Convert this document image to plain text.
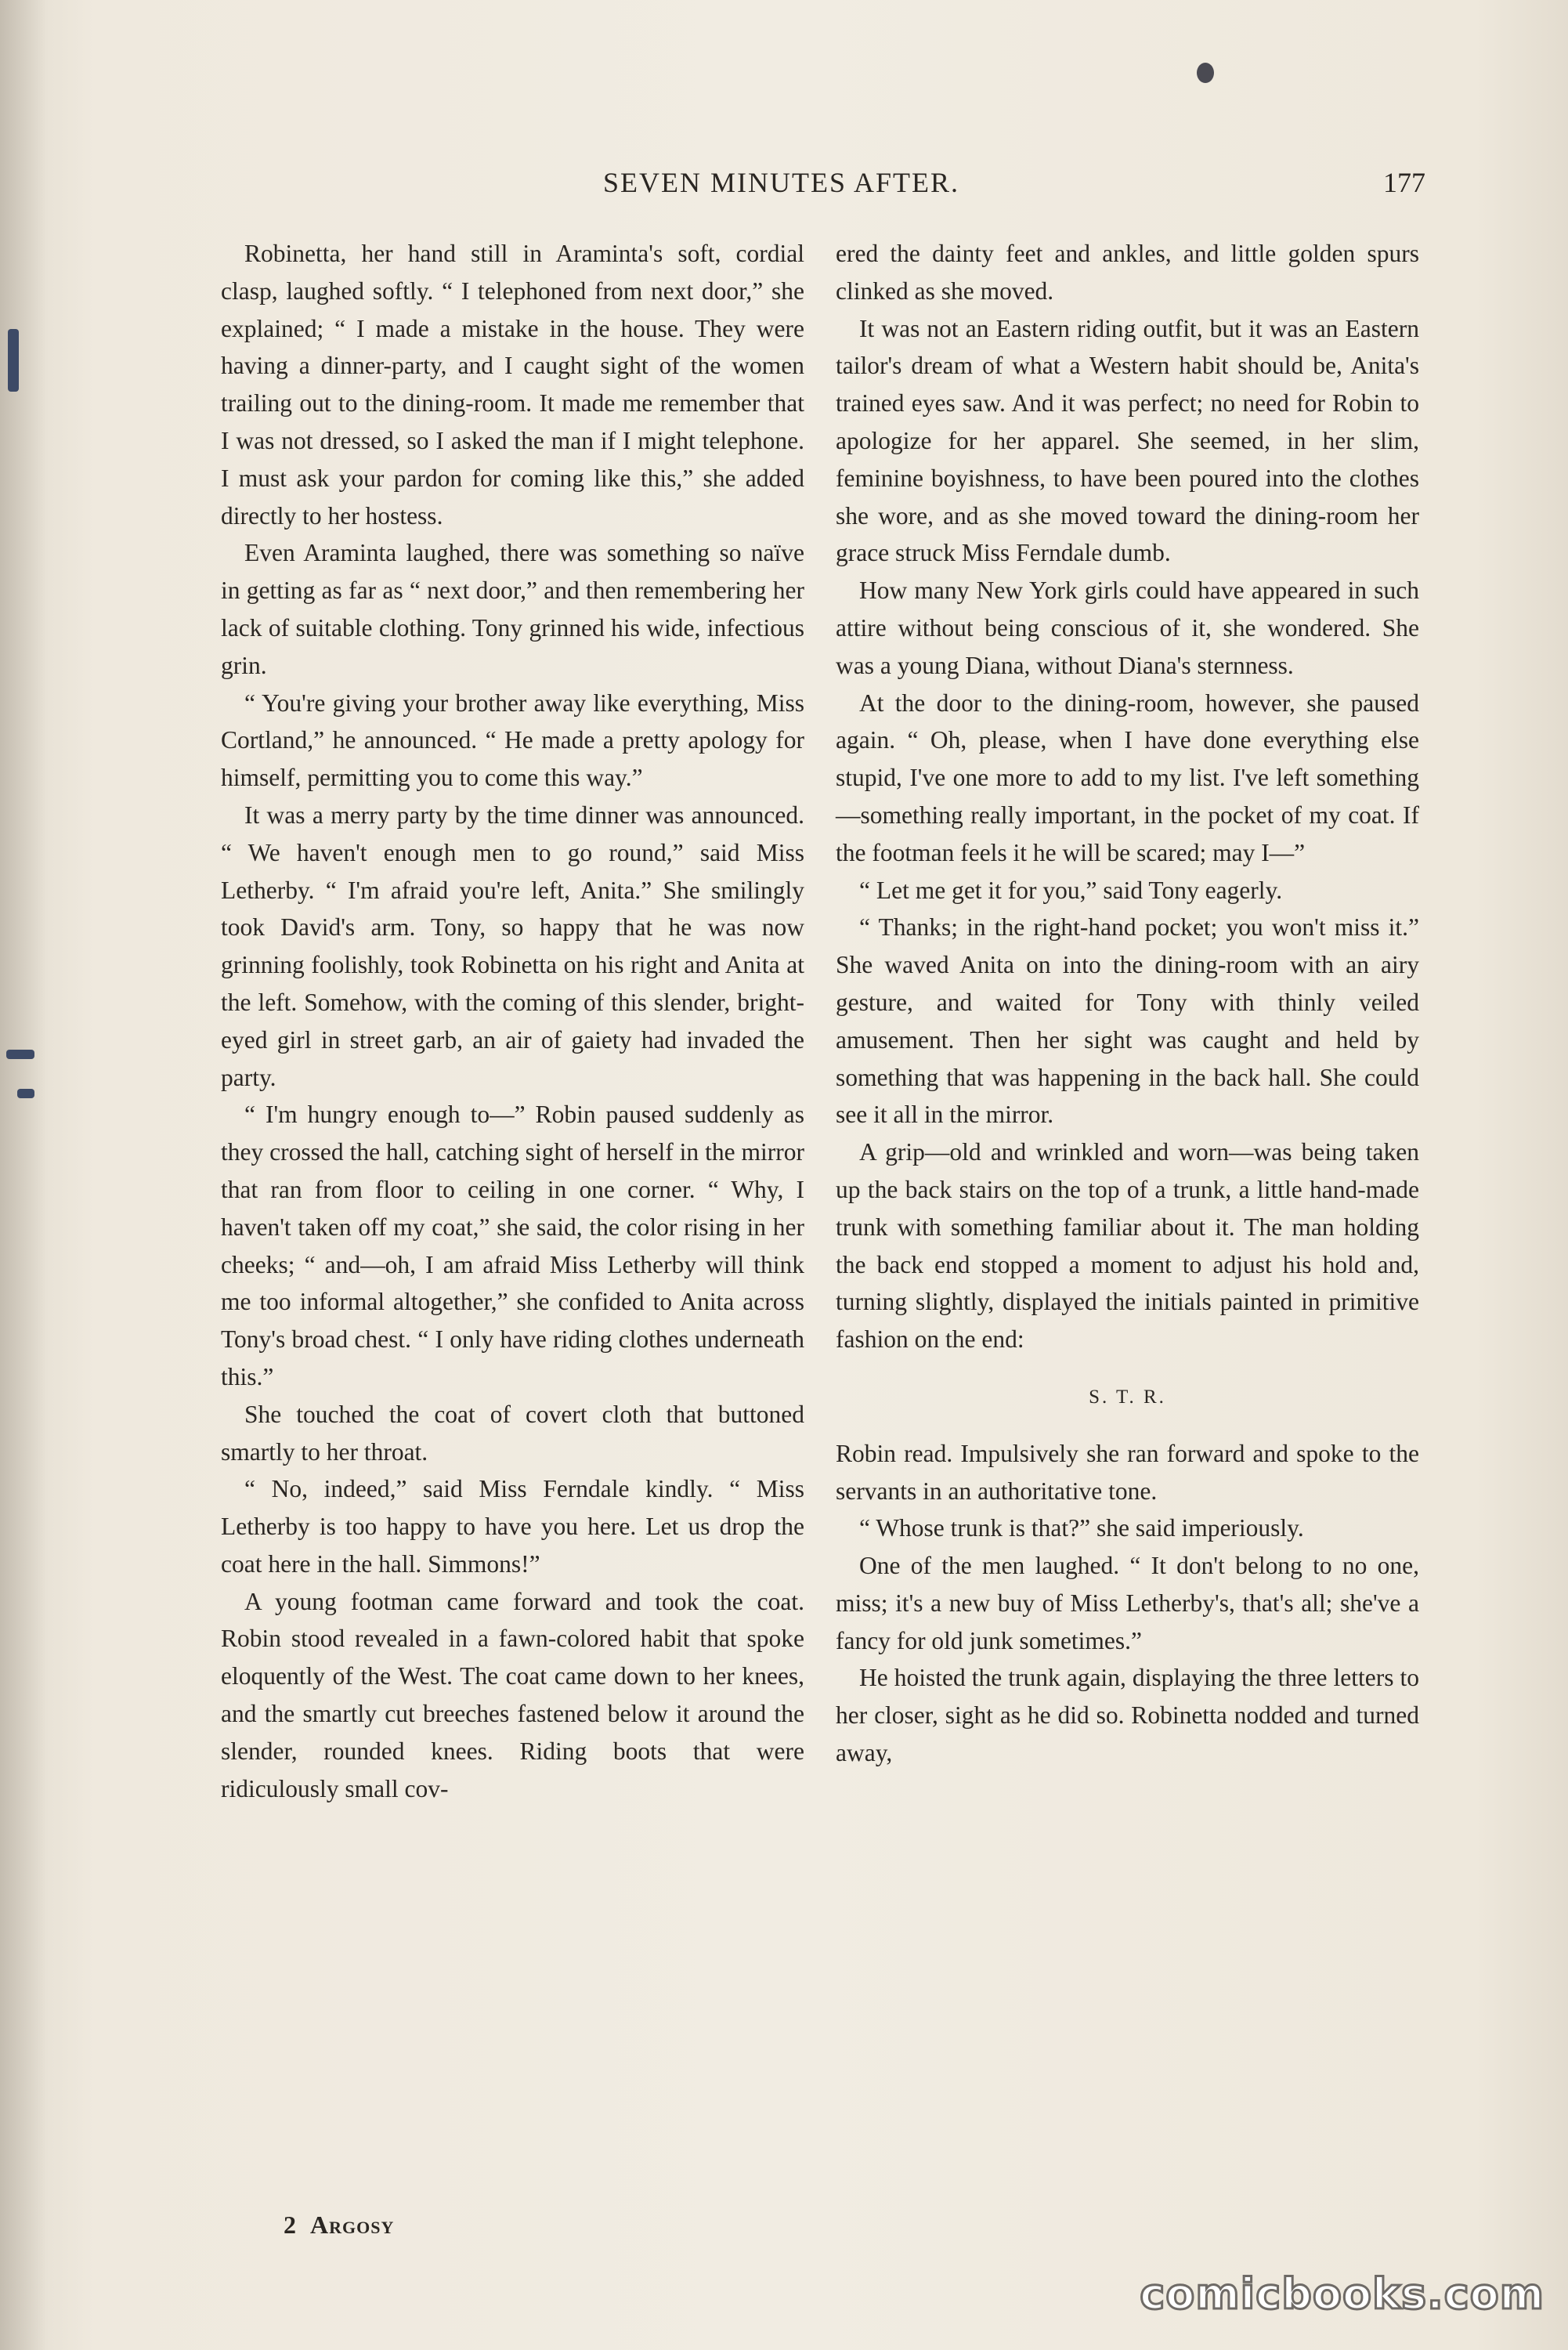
SEVEN MINUTES AFTER.	177

Robinetta, her hand still in Araminta's soft, cordial clasp, laughed softly. “ I telephoned from next door,” she explained; “ I made a mistake in the house. They were having a dinner-party, and I caught sight of the women trailing out to the dining-room. It made me remember that I was not dressed, so I asked the man if I might telephone. I must ask your pardon for coming like this,” she added directly to her hostess.

Even Araminta laughed, there was something so naïve in getting as far as “ next door,” and then remembering her lack of suitable clothing. Tony grinned his wide, infectious grin.

“ You're giving your brother away like everything, Miss Cortland,” he announced. “ He made a pretty apology for himself, permitting you to come this way.”

It was a merry party by the time dinner was announced. “ We haven't enough men to go round,” said Miss Letherby. “ I'm afraid you're left, Anita.” She smilingly took David's arm. Tony, so happy that he was now grinning foolishly, took Robinetta on his right and Anita at the left. Somehow, with the coming of this slender, bright-eyed girl in street garb, an air of gaiety had invaded the party.

“ I'm hungry enough to—” Robin paused suddenly as they crossed the hall, catching sight of herself in the mirror that ran from floor to ceiling in one corner. “ Why, I haven't taken off my coat,” she said, the color rising in her cheeks; “ and—oh, I am afraid Miss Letherby will think me too informal altogether,” she confided to Anita across Tony's broad chest. “ I only have riding clothes underneath this.”

She touched the coat of covert cloth that buttoned smartly to her throat.

“ No, indeed,” said Miss Ferndale kindly. “ Miss Letherby is too happy to have you here. Let us drop the coat here in the hall. Simmons!”

A young footman came forward and took the coat. Robin stood revealed in a fawn-colored habit that spoke eloquently of the West. The coat came down to her knees, and the smartly cut breeches fastened below it around the slender, rounded knees. Riding boots that were ridiculously small cov-

ered the dainty feet and ankles, and little golden spurs clinked as she moved.

It was not an Eastern riding outfit, but it was an Eastern tailor's dream of what a Western habit should be, Anita's trained eyes saw. And it was perfect; no need for Robin to apologize for her apparel. She seemed, in her slim, feminine boyishness, to have been poured into the clothes she wore, and as she moved toward the dining-room her grace struck Miss Ferndale dumb.

How many New York girls could have appeared in such attire without being conscious of it, she wondered. She was a young Diana, without Diana's sternness.

At the door to the dining-room, however, she paused again. “ Oh, please, when I have done everything else stupid, I've one more to add to my list. I've left something—something really important, in the pocket of my coat. If the footman feels it he will be scared; may I—”

“ Let me get it for you,” said Tony eagerly.

“ Thanks; in the right-hand pocket; you won't miss it.” She waved Anita on into the dining-room with an airy gesture, and waited for Tony with thinly veiled amusement. Then her sight was caught and held by something that was happening in the back hall. She could see it all in the mirror.

A grip—old and wrinkled and worn—was being taken up the back stairs on the top of a trunk, a little hand-made trunk with something familiar about it. The man holding the back end stopped a moment to adjust his hold and, turning slightly, displayed the initials painted in primitive fashion on the end:

S. T. R.

Robin read. Impulsively she ran forward and spoke to the servants in an authoritative tone.

“ Whose trunk is that?” she said imperiously.

One of the men laughed. “ It don't belong to no one, miss; it's a new buy of Miss Letherby's, that's all; she've a fancy for old junk sometimes.”

He hoisted the trunk again, displaying the three letters to her closer, sight as he did so. Robinetta nodded and turned away,

2 Argosy
comicbooks.com
